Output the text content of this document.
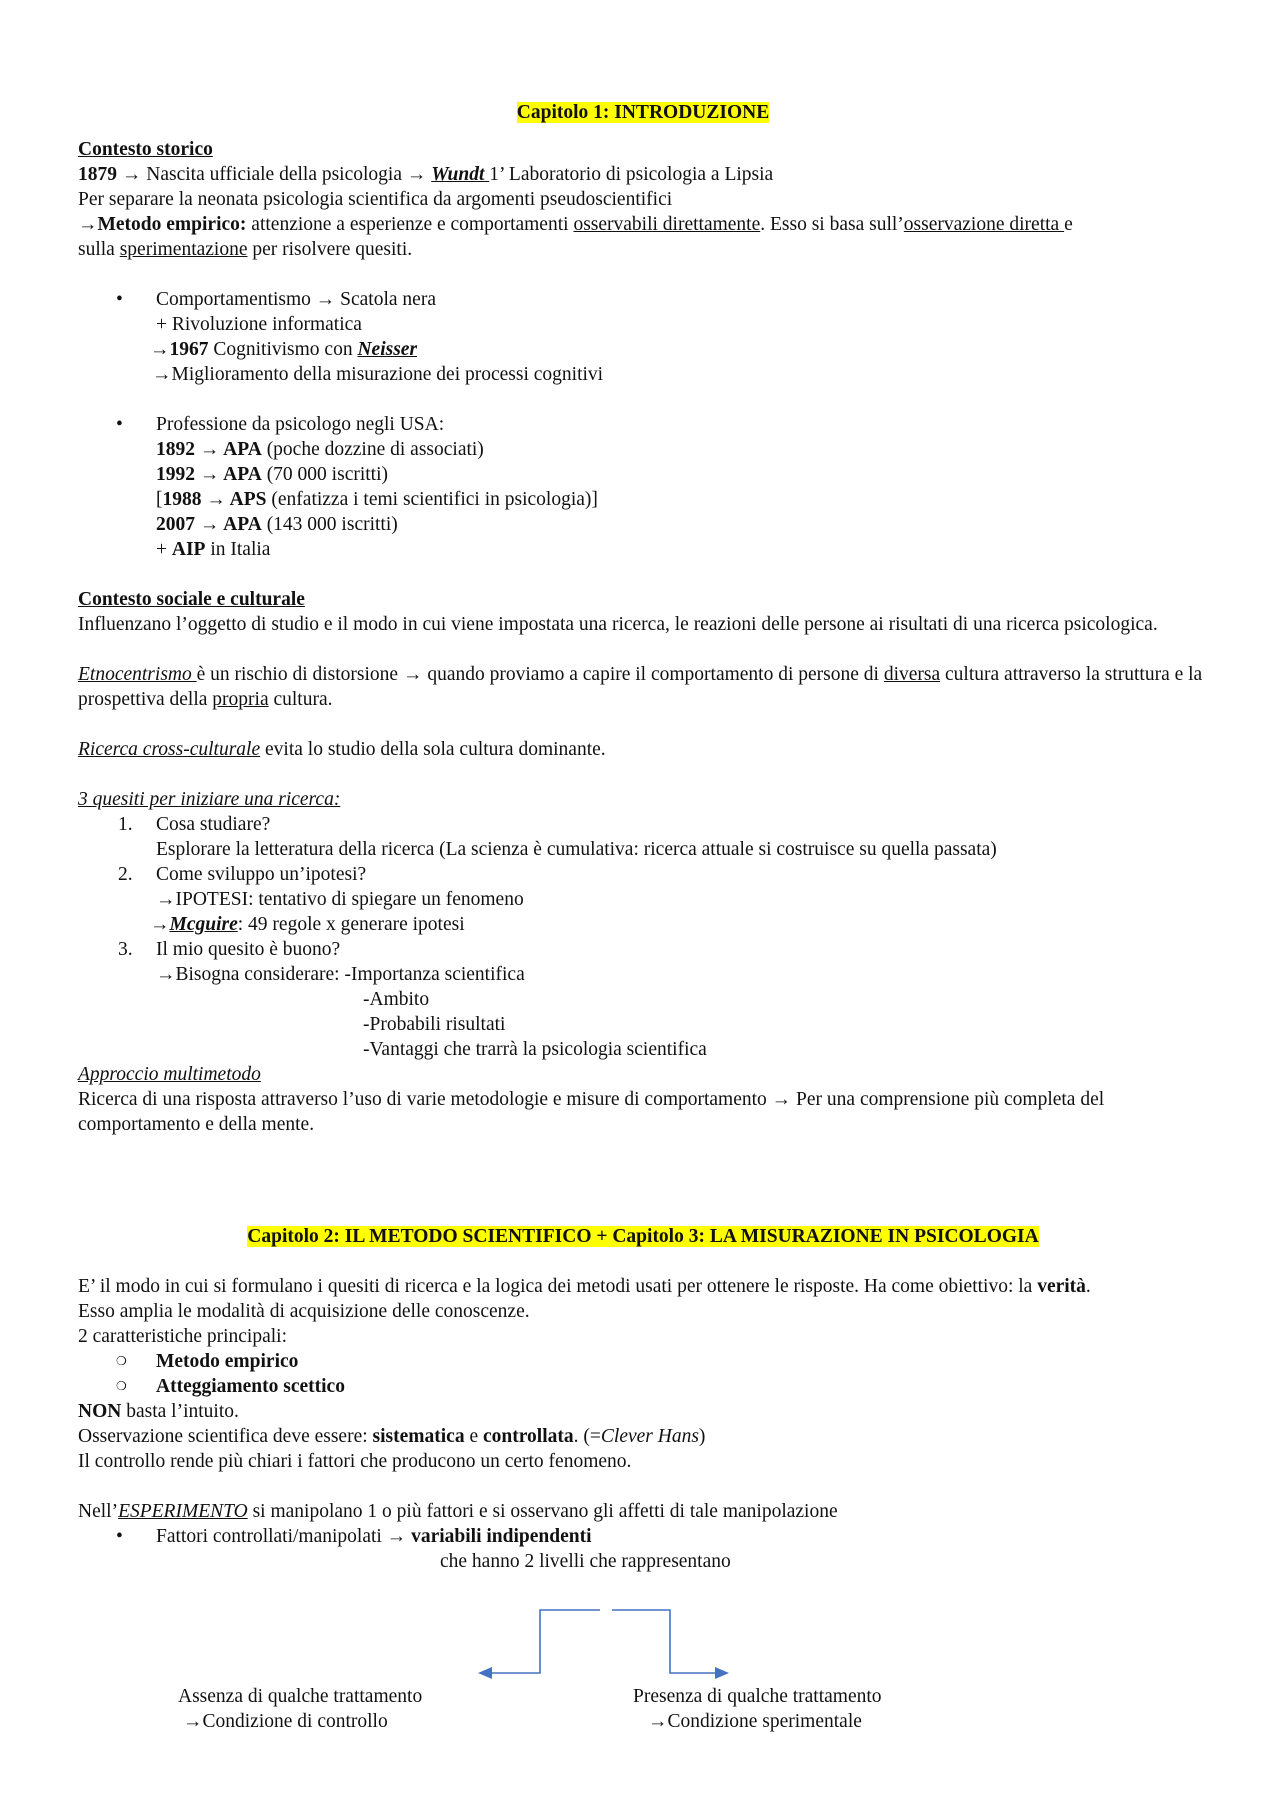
Capitolo 1: INTRODUZIONE

Contesto storico

1879 → Nascita ufficiale della psicologia → Wundt 1’ Laboratorio di psicologia a Lipsia

Per separare la neonata psicologia scientifica da argomenti pseudoscientifici

→Metodo empirico: attenzione a esperienze e comportamenti osservabili direttamente. Esso si basa sull’osservazione diretta e

sulla sperimentazione per risolvere quesiti.

• Comportamentismo → Scatola nera

+ Rivoluzione informatica

→1967 Cognitivismo con Neisser

→Miglioramento della misurazione dei processi cognitivi

• Professione da psicologo negli USA:

1892 → APA (poche dozzine di associati)

1992 → APA (70 000 iscritti)

[1988 → APS (enfatizza i temi scientifici in psicologia)]

2007 → APA (143 000 iscritti)

+ AIP in Italia

Contesto sociale e culturale

Influenzano l’oggetto di studio e il modo in cui viene impostata una ricerca, le reazioni delle persone ai risultati di una ricerca psicologica.

Etnocentrismo è un rischio di distorsione → quando proviamo a capire il comportamento di persone di diversa cultura attraverso la struttura e la prospettiva della propria cultura.

Ricerca cross-culturale evita lo studio della sola cultura dominante.

3 quesiti per iniziare una ricerca:

1. Cosa studiare?

Esplorare la letteratura della ricerca (La scienza è cumulativa: ricerca attuale si costruisce su quella passata)

2. Come sviluppo un’ipotesi?

→IPOTESI: tentativo di spiegare un fenomeno

→Mcguire: 49 regole x generare ipotesi

3. Il mio quesito è buono?

→Bisogna considerare: -Importanza scientifica

-Ambito

-Probabili risultati

-Vantaggi che trarrà la psicologia scientifica

Approccio multimetodo

Ricerca di una risposta attraverso l’uso di varie metodologie e misure di comportamento → Per una comprensione più completa del comportamento e della mente.

Capitolo 2: IL METODO SCIENTIFICO + Capitolo 3: LA MISURAZIONE IN PSICOLOGIA

E’ il modo in cui si formulano i quesiti di ricerca e la logica dei metodi usati per ottenere le risposte. Ha come obiettivo: la verità.

Esso amplia le modalità di acquisizione delle conoscenze.

2 caratteristiche principali:

❍ Metodo empirico

❍ Atteggiamento scettico

NON basta l’intuito.

Osservazione scientifica deve essere: sistematica e controllata. (=Clever Hans)

Il controllo rende più chiari i fattori che producono un certo fenomeno.

Nell’ESPERIMENTO si manipolano 1 o più fattori e si osservano gli affetti di tale manipolazione

• Fattori controllati/manipolati → variabili indipendenti

che hanno 2 livelli che rappresentano

Assenza di qualche trattamento
→Condizione di controllo
Presenza di qualche trattamento
→Condizione sperimentale
